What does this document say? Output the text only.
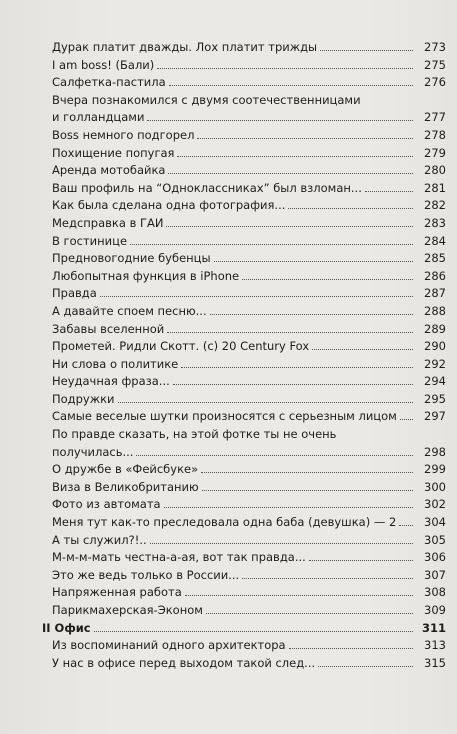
Дурак платит дважды. Лох платит трижды	273
I am boss! (Бали)	275
Салфетка-пастила	276
Вчера познакомился с двумя соотечественницами
и голландцами	277
Boss немного подгорел	278
Похищение попугая	279
Аренда мотобайка	280
Ваш профиль на “Одноклассниках” был взломан...	281
Как была сделана одна фотография...	282
Медсправка в ГАИ	283
В гостинице	284
Предновогодние бубенцы	285
Любопытная функция в iPhone	286
Правда	287
А давайте споем песню...	288
Забавы вселенной	289
Прометей. Ридли Скотт. (с) 20 Century Fox	290
Ни слова о политике	292
Неудачная фраза...	294
Подружки	295
Самые веселые шутки произносятся с серьезным лицом	297
По правде сказать, на этой фотке ты не очень
получилась...	298
О дружбе в «Фейсбуке»	299
Виза в Великобританию	300
Фото из автомата	302
Меня тут как-то преследовала одна баба (девушка) — 2	304
А ты служил?!..	305
М-м-м-мать честна-а-ая, вот так правда...	306
Это же ведь только в России...	307
Напряженная работа	308
Парикмахерская-Эконом	309
II Офис	311
Из воспоминаний одного архитектора	313
У нас в офисе перед выходом такой след...	315
